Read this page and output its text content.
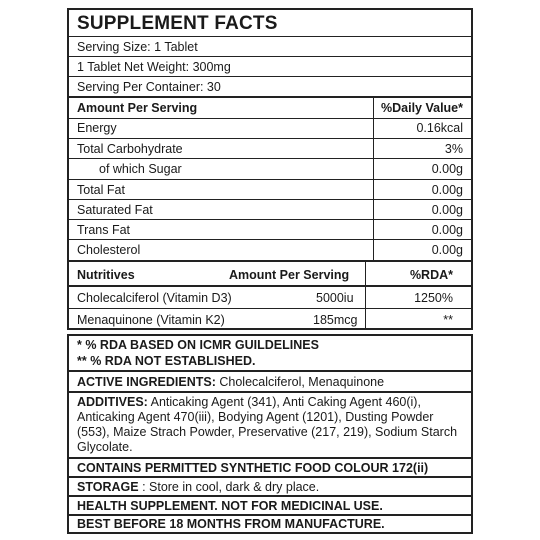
SUPPLEMENT FACTS
Serving Size: 1 Tablet
1 Tablet Net Weight: 300mg
Serving Per Container: 30
Amount Per Serving	%Daily Value*
Energy	0.16kcal
Total Carbohydrate	3%
of which Sugar	0.00g
Total Fat	0.00g
Saturated Fat	0.00g
Trans Fat	0.00g
Cholesterol	0.00g
Nutritives	Amount Per Serving	%RDA*
Cholecalciferol (Vitamin D3)	5000iu	1250%
Menaquinone (Vitamin K2)	185mcg	**
* % RDA BASED ON ICMR GUILDELINES
** % RDA NOT ESTABLISHED.
ACTIVE INGREDIENTS: Cholecalciferol, Menaquinone
ADDITIVES: Anticaking Agent (341), Anti Caking Agent 460(i), Anticaking Agent 470(iii), Bodying Agent (1201), Dusting Powder (553), Maize Strach Powder, Preservative (217, 219), Sodium Starch Glycolate.
CONTAINS PERMITTED SYNTHETIC FOOD COLOUR 172(ii)
STORAGE : Store in cool, dark & dry place.
HEALTH SUPPLEMENT. NOT FOR MEDICINAL USE.
BEST BEFORE 18 MONTHS FROM MANUFACTURE.
